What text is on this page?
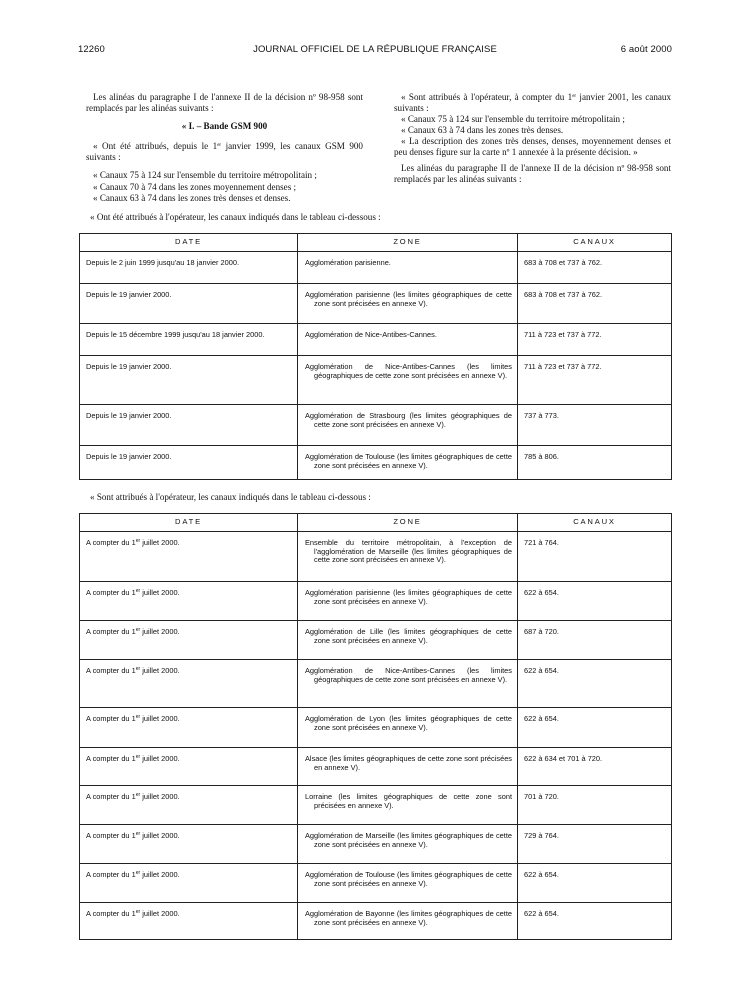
12260	JOURNAL OFFICIEL DE LA RÉPUBLIQUE FRANÇAISE	6 août 2000

Les alinéas du paragraphe I de l'annexe II de la décision nº 98-958 sont remplacés par les alinéas suivants :

« I. – Bande GSM 900

« Ont été attribués, depuis le 1er janvier 1999, les canaux GSM 900 suivants :

« Canaux 75 à 124 sur l'ensemble du territoire métropolitain ;

« Canaux 70 à 74 dans les zones moyennement denses ;

« Canaux 63 à 74 dans les zones très denses et denses.

« Sont attribués à l'opérateur, à compter du 1er janvier 2001, les canaux suivants :

« Canaux 75 à 124 sur l'ensemble du territoire métropolitain ;

« Canaux 63 à 74 dans les zones très denses.

« La description des zones très denses, denses, moyennement denses et peu denses figure sur la carte nº 1 annexée à la présente décision. »

Les alinéas du paragraphe II de l'annexe II de la décision nº 98-958 sont remplacés par les alinéas suivants :

« Ont été attribués à l'opérateur, les canaux indiqués dans le tableau ci-dessous :
DATE	ZONE	CANAUX
Depuis le 2 juin 1999 jusqu'au 18 janvier 2000.	Agglomération parisienne.	683 à 708 et 737 à 762.
Depuis le 19 janvier 2000.	Agglomération parisienne (les limites géographiques de cette zone sont précisées en annexe V).	683 à 708 et 737 à 762.
Depuis le 15 décembre 1999 jusqu'au 18 janvier 2000.	Agglomération de Nice-Antibes-Cannes.	711 à 723 et 737 à 772.
Depuis le 19 janvier 2000.	Agglomération de Nice-Antibes-Cannes (les limites géographiques de cette zone sont précisées en annexe V).	711 à 723 et 737 à 772.
Depuis le 19 janvier 2000.	Agglomération de Strasbourg (les limites géographiques de cette zone sont précisées en annexe V).	737 à 773.
Depuis le 19 janvier 2000.	Agglomération de Toulouse (les limites géographiques de cette zone sont précisées en annexe V).	785 à 806.
« Sont attribués à l'opérateur, les canaux indiqués dans le tableau ci-dessous :
DATE	ZONE	CANAUX
A compter du 1er juillet 2000.	Ensemble du territoire métropolitain, à l'exception de l'agglomération de Marseille (les limites géographiques de cette zone sont précisées en annexe V).	721 à 764.
A compter du 1er juillet 2000.	Agglomération parisienne (les limites géographiques de cette zone sont précisées en annexe V).	622 à 654.
A compter du 1er juillet 2000.	Agglomération de Lille (les limites géographiques de cette zone sont précisées en annexe V).	687 à 720.
A compter du 1er juillet 2000.	Agglomération de Nice-Antibes-Cannes (les limites géographiques de cette zone sont précisées en annexe V).	622 à 654.
A compter du 1er juillet 2000.	Agglomération de Lyon (les limites géographiques de cette zone sont précisées en annexe V).	622 à 654.
A compter du 1er juillet 2000.	Alsace (les limites géographiques de cette zone sont précisées en annexe V).	622 à 634 et 701 à 720.
A compter du 1er juillet 2000.	Lorraine (les limites géographiques de cette zone sont précisées en annexe V).	701 à 720.
A compter du 1er juillet 2000.	Agglomération de Marseille (les limites géographiques de cette zone sont précisées en annexe V).	729 à 764.
A compter du 1er juillet 2000.	Agglomération de Toulouse (les limites géographiques de cette zone sont précisées en annexe V).	622 à 654.
A compter du 1er juillet 2000.	Agglomération de Bayonne (les limites géographiques de cette zone sont précisées en annexe V).	622 à 654.
